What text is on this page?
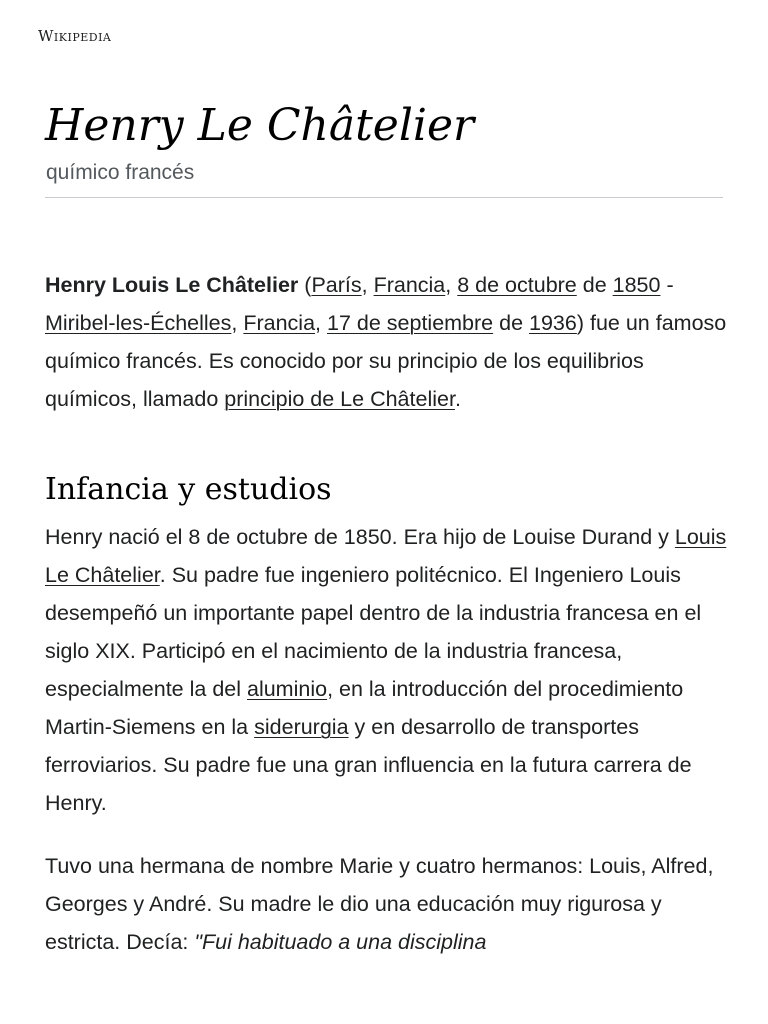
Wikipedia
Henry Le Châtelier
químico francés

Henry Louis Le Châtelier (París, Francia, 8 de octubre de 1850 - Miribel-les-Échelles, Francia, 17 de septiembre de 1936) fue un famoso químico francés. Es conocido por su principio de los equilibrios químicos, llamado principio de Le Châtelier.

Infancia y estudios

Henry nació el 8 de octubre de 1850. Era hijo de Louise Durand y Louis Le Châtelier. Su padre fue ingeniero politécnico. El Ingeniero Louis desempeñó un importante papel dentro de la industria francesa en el siglo XIX. Participó en el nacimiento de la industria francesa, especialmente la del aluminio, en la introducción del procedimiento Martin-Siemens en la siderurgia y en desarrollo de transportes ferroviarios. Su padre fue una gran influencia en la futura carrera de Henry.

Tuvo una hermana de nombre Marie y cuatro hermanos: Louis, Alfred, Georges y André. Su madre le dio una educación muy rigurosa y estricta. Decía: "Fui habituado a una disciplina
